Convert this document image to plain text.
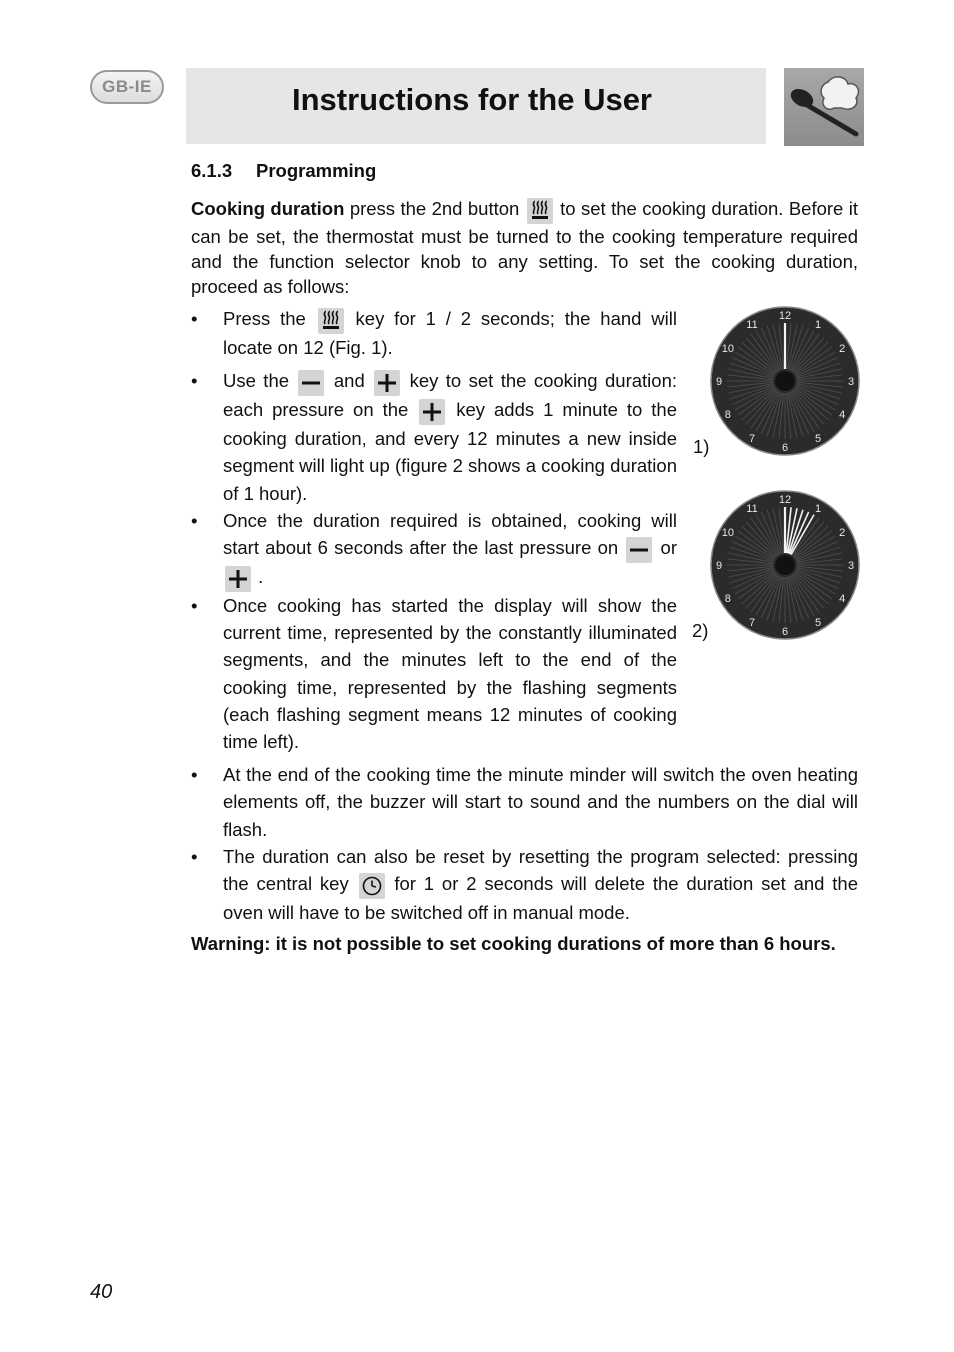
GB-IE	Instructions for the User
6.1.3 Programming
Cooking duration press the 2nd button
to set the cooking duration. Before it can be set, the thermostat must be turned to the cooking temperature required and the function selector knob to any setting. To set the cooking duration, proceed as follows:
• Press the
key for 1 / 2 seconds; the hand will locate on 12 (Fig. 1).
• Use the
and
key to set the cooking duration: each pressure on the
key adds 1 minute to the cooking duration, and every 12 minutes a new inside segment will light up (figure 2 shows a cooking duration of 1 hour).
• Once the duration required is obtained, cooking will start about 6 seconds after the last pressure on
or
.
• Once cooking has started the display will show the current time, represented by the constantly illuminated segments, and the minutes left to the end of the cooking time, represented by the flashing segments (each flashing segment means 12 minutes of cooking time left).
• At the end of the cooking time the minute minder will switch the oven heating elements off, the buzzer will start to sound and the numbers on the dial will flash.
• The duration can also be reset by resetting the program selected: pressing the central key
for 1 or 2 seconds will delete the duration set and the oven will have to be switched off in manual mode.
12
1
2
3
4
5
6
7
8
9
10
11
1)
12
1
2
3
4
5
6
7
8
9
10
11
2)
Warning: it is not possible to set cooking durations of more than 6 hours.
40
